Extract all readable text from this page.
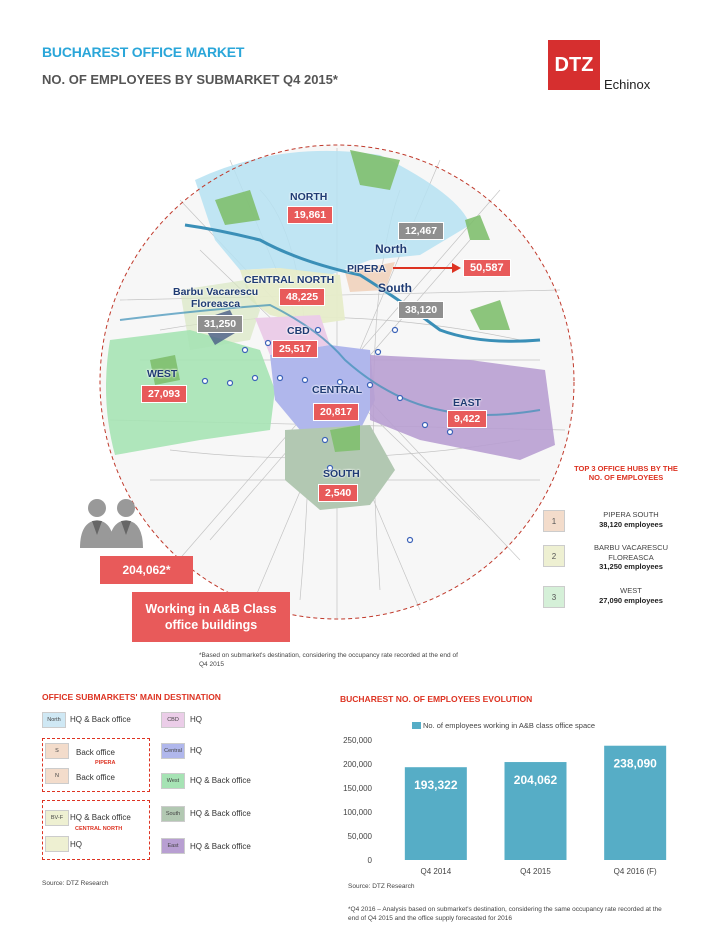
BUCHAREST OFFICE MARKET
NO. OF EMPLOYEES BY SUBMARKET Q4 2015*
DTZ
Echinox
NORTH
19,861
CENTRAL NORTH
48,225
Barbu Vacarescu
Floreasca
31,250
CBD
25,517
WEST
27,093	CENTRAL
20,817
EAST
9,422
SOUTH
2,540
12,467
North
PIPERA
South
38,120
50,587
TOP 3 OFFICE HUBS BY THE NO. OF EMPLOYEES
1
PIPERA SOUTH
38,120 employees
2
BARBU VACARESCU FLOREASCA
31,250 employees
3
WEST
27,090 employees
204,062*
Working in A&B Class office buildings
*Based on submarket's destination, considering the occupancy rate recorded at the end of Q4 2015
OFFICE SUBMARKETS' MAIN DESTINATION
North	HQ & Back office
S	Back office
PIPERA
N	Back office
BV-F HQ & Back office
CENTRAL NORTH
HQ
CBD	HQ
Central	HQ
West	HQ & Back office
South	HQ & Back office
East	HQ & Back office
Source: DTZ Research
BUCHAREST NO. OF EMPLOYEES EVOLUTION
No. of employees working in A&B class office space
0
50,000
100,000
150,000
200,000
250,000
193,322
Q4 2014
204,062
Q4 2015
238,090
Q4 2016 (F)
Source: DTZ Research
*Q4 2016 – Analysis based on submarket's destination, considering the same occupancy rate recorded at the end of Q4 2015 and the office supply forecasted for 2016
